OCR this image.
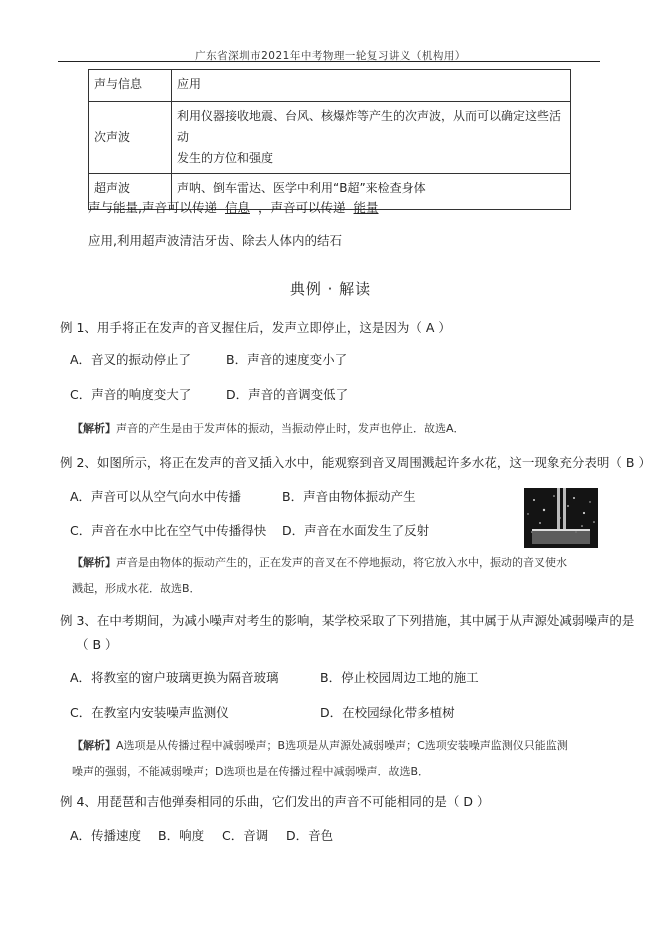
广东省深圳市2021年中考物理一轮复习讲义（机构用）
声与信息	应用
次声波	利用仪器接收地震、台风、核爆炸等产生的次声波，从而可以确定这些活动
发生的方位和强度

超声波	声呐、倒车雷达、医学中利用“B超”来检查身体
声与能量,声音可以传递 信息 ，声音可以传递 能量
应用,利用超声波清洁牙齿、除去人体内的结石
典例 · 解读
例 1、用手将正在发声的音叉握住后，发声立即停止，这是因为（ A ）
A．音叉的振动停止了	B．声音的速度变小了
C．声音的响度变大了	D．声音的音调变低了
【解析】声音的产生是由于发声体的振动，当振动停止时，发声也停止．故选A．
例 2、如图所示，将正在发声的音叉插入水中，能观察到音叉周围溅起许多水花，这一现象充分表明（ B ）
A．声音可以从空气向水中传播	B．声音由物体振动产生
C．声音在水中比在空气中传播得快 D．声音在水面发生了反射
【解析】声音是由物体的振动产生的，正在发声的音叉在不停地振动，将它放入水中，振动的音叉使水
溅起，形成水花．故选B．
例 3、在中考期间，为减小噪声对考生的影响，某学校采取了下列措施，其中属于从声源处减弱噪声的是
（ B ）
A．将教室的窗户玻璃更换为隔音玻璃	B．停止校园周边工地的施工
C．在教室内安装噪声监测仪	D．在校园绿化带多植树
【解析】A选项是从传播过程中减弱噪声；B选项是从声源处减弱噪声；C选项安装噪声监测仪只能监测
噪声的强弱，不能减弱噪声；D选项也是在传播过程中减弱噪声．故选B．
例 4、用琵琶和吉他弹奏相同的乐曲，它们发出的声音不可能相同的是（ D ）
A．传播速度 B．响度 C．音调 D．音色
